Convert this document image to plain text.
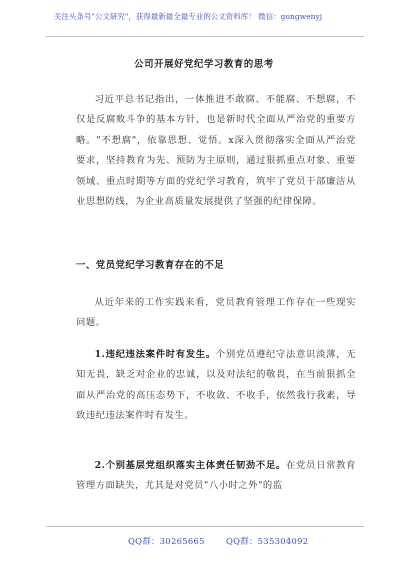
关注头条号"公文研究"，获得最新最全最专业的公文资料库！ 微信：gongwenyj
公司开展好党纪学习教育的思考
习近平总书记指出，一体推进不敢腐、不能腐、不想腐，不仅是反腐败斗争的基本方针，也是新时代全面从严治党的重要方略。"不想腐"，依靠思想、觉悟。x深入贯彻落实全面从严治党要求，坚持教育为先、预防为主原则，通过狠抓重点对象、重要领域、重点时期等方面的党纪学习教育，筑牢了党员干部廉洁从业思想防线，为企业高质量发展提供了坚强的纪律保障。
一、党员党纪学习教育存在的不足
从近年来的工作实践来看，党员教育管理工作存在一些现实问题。
1.违纪违法案件时有发生。个别党员遵纪守法意识淡薄，无知无畏，缺乏对企业的忠诚，以及对法纪的敬畏，在当前狠抓全面从严治党的高压态势下，不收敛、不收手，依然我行我素，导致违纪违法案件时有发生。
2.个别基层党组织落实主体责任韧劲不足。在党员日常教育管理方面缺失，尤其是对党员"八小时之外"的监
QQ群：30265665	QQ群：535304092
